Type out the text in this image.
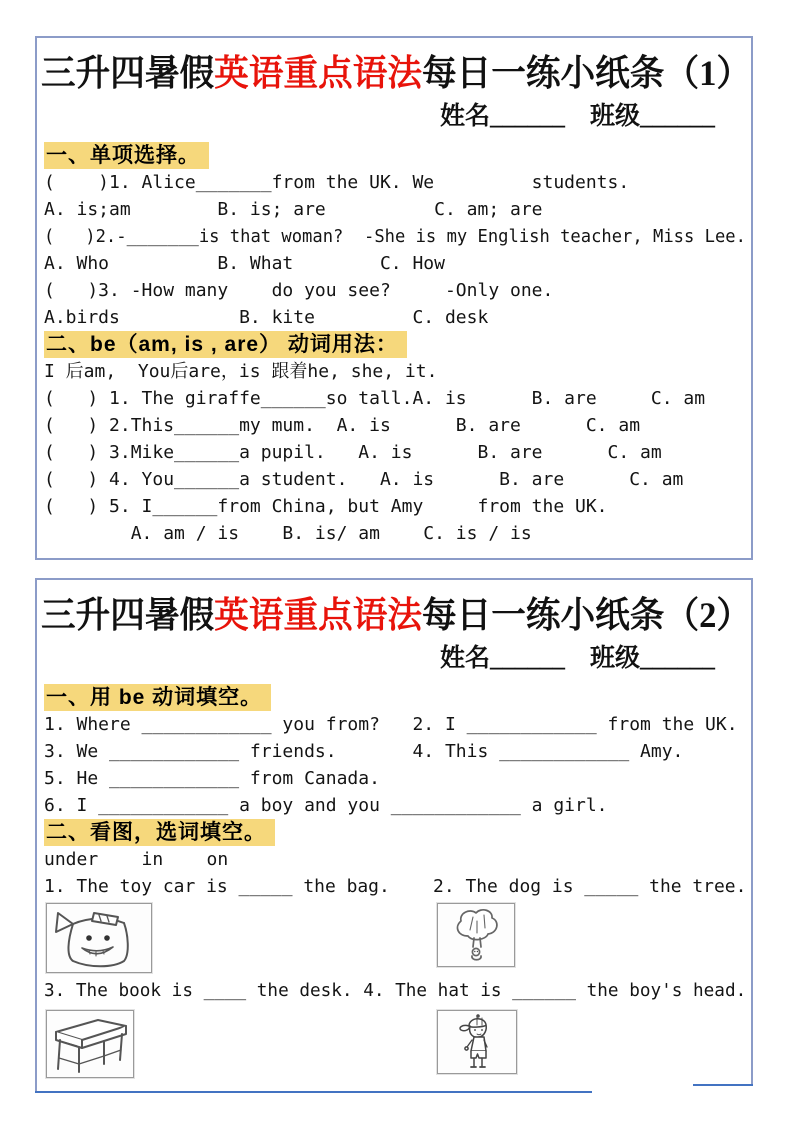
三升四暑假英语重点语法每日一练小纸条（1）
姓名______　班级______
一、单项选择。
(    )1. Alice_______from the UK. We         students.
A. is;am        B. is; are          C. am; are
(   )2.-_______is that woman?  -She is my English teacher, Miss Lee.
A. Who          B. What        C. How
(   )3. -How many    do you see?     -Only one.
A.birds           B. kite         C. desk
二、be（am, is , are） 动词用法：
I 后am,  You后are，is 跟着he, she, it.
(   ) 1. The giraffe______so tall.A. is      B. are     C. am
(   ) 2.This______my mum.  A. is      B. are      C. am
(   ) 3.Mike______a pupil.   A. is      B. are      C. am
(   ) 4. You______a student.   A. is      B. are      C. am
(   ) 5. I______from China, but Amy     from the UK.
A. am / is    B. is/ am    C. is / is
三升四暑假英语重点语法每日一练小纸条（2）
姓名______　班级______
一、用 be 动词填空。
1. Where ____________ you from?   2. I ____________ from the UK.
3. We ____________ friends.       4. This ____________ Amy.
5. He ____________ from Canada.
6. I ____________ a boy and you ____________ a girl.
二、看图，选词填空。
under    in    on
1. The toy car is _____ the bag.    2. The dog is _____ the tree.
3. The book is ____ the desk. 4. The hat is ______ the boy's head.
